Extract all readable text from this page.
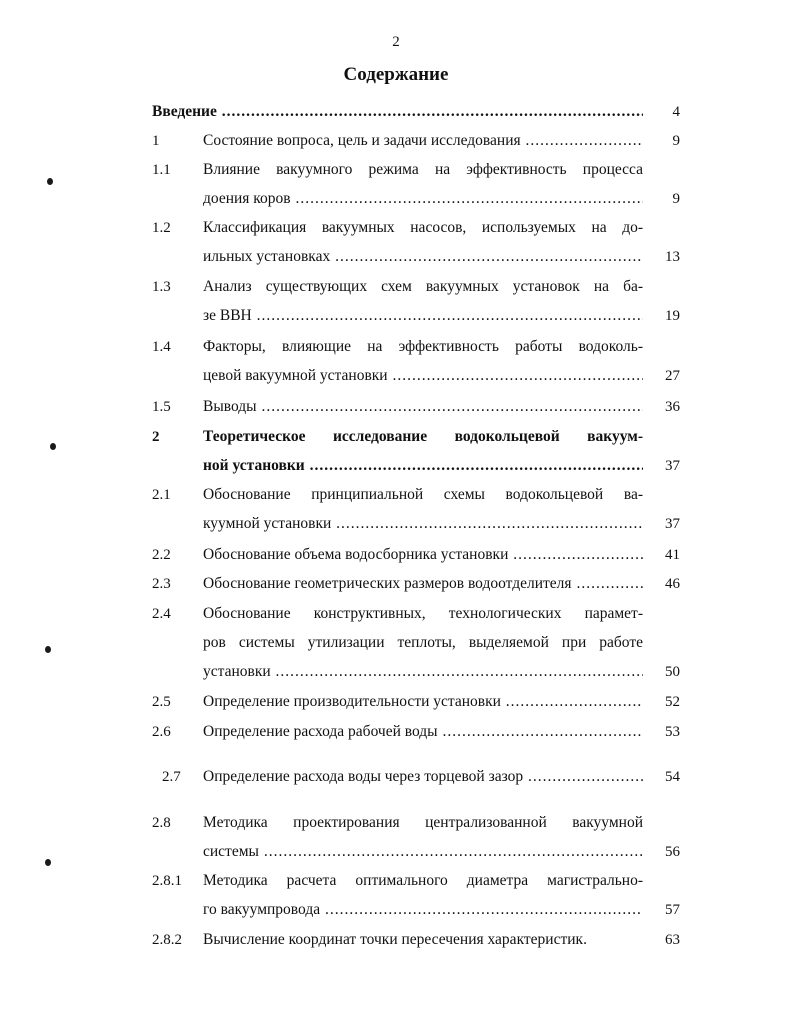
2
Содержание
Введение .....	4
1	Состояние вопроса, цель и задачи исследования .....	9
1.1 Влияние вакуумного режима на эффективность процесса
доения коров .....	9
1.2 Классификация вакуумных насосов, используемых на до-
ильных установках .....	13
1.3 Анализ существующих схем вакуумных установок на ба-
зе ВВН .....	19
1.4 Факторы, влияющие на эффективность работы водоколь-
цевой вакуумной установки .....	27
1.5 Выводы .....	36
2	Теоретическое исследование водокольцевой вакуум-
ной установки .....	37
2.1 Обоснование принципиальной схемы водокольцевой ва-
куумной установки .....	37
2.2 Обоснование объема водосборника установки .....	41
2.3 Обоснование геометрических размеров водоотделителя .....	46
2.4 Обоснование конструктивных, технологических парамет-
ров системы утилизации теплоты, выделяемой при работе
установки .....	50
2.5 Определение производительности установки .....	52
2.6 Определение расхода рабочей воды .....	53
2.7 Определение расхода воды через торцевой зазор .....	54
2.8 Методика проектирования централизованной вакуумной
системы .....	56
2.8.1 Методика расчета оптимального диаметра магистрально-
го вакуумпровода .....	57
2.8.2 Вычисление координат точки пересечения характеристик.	63
